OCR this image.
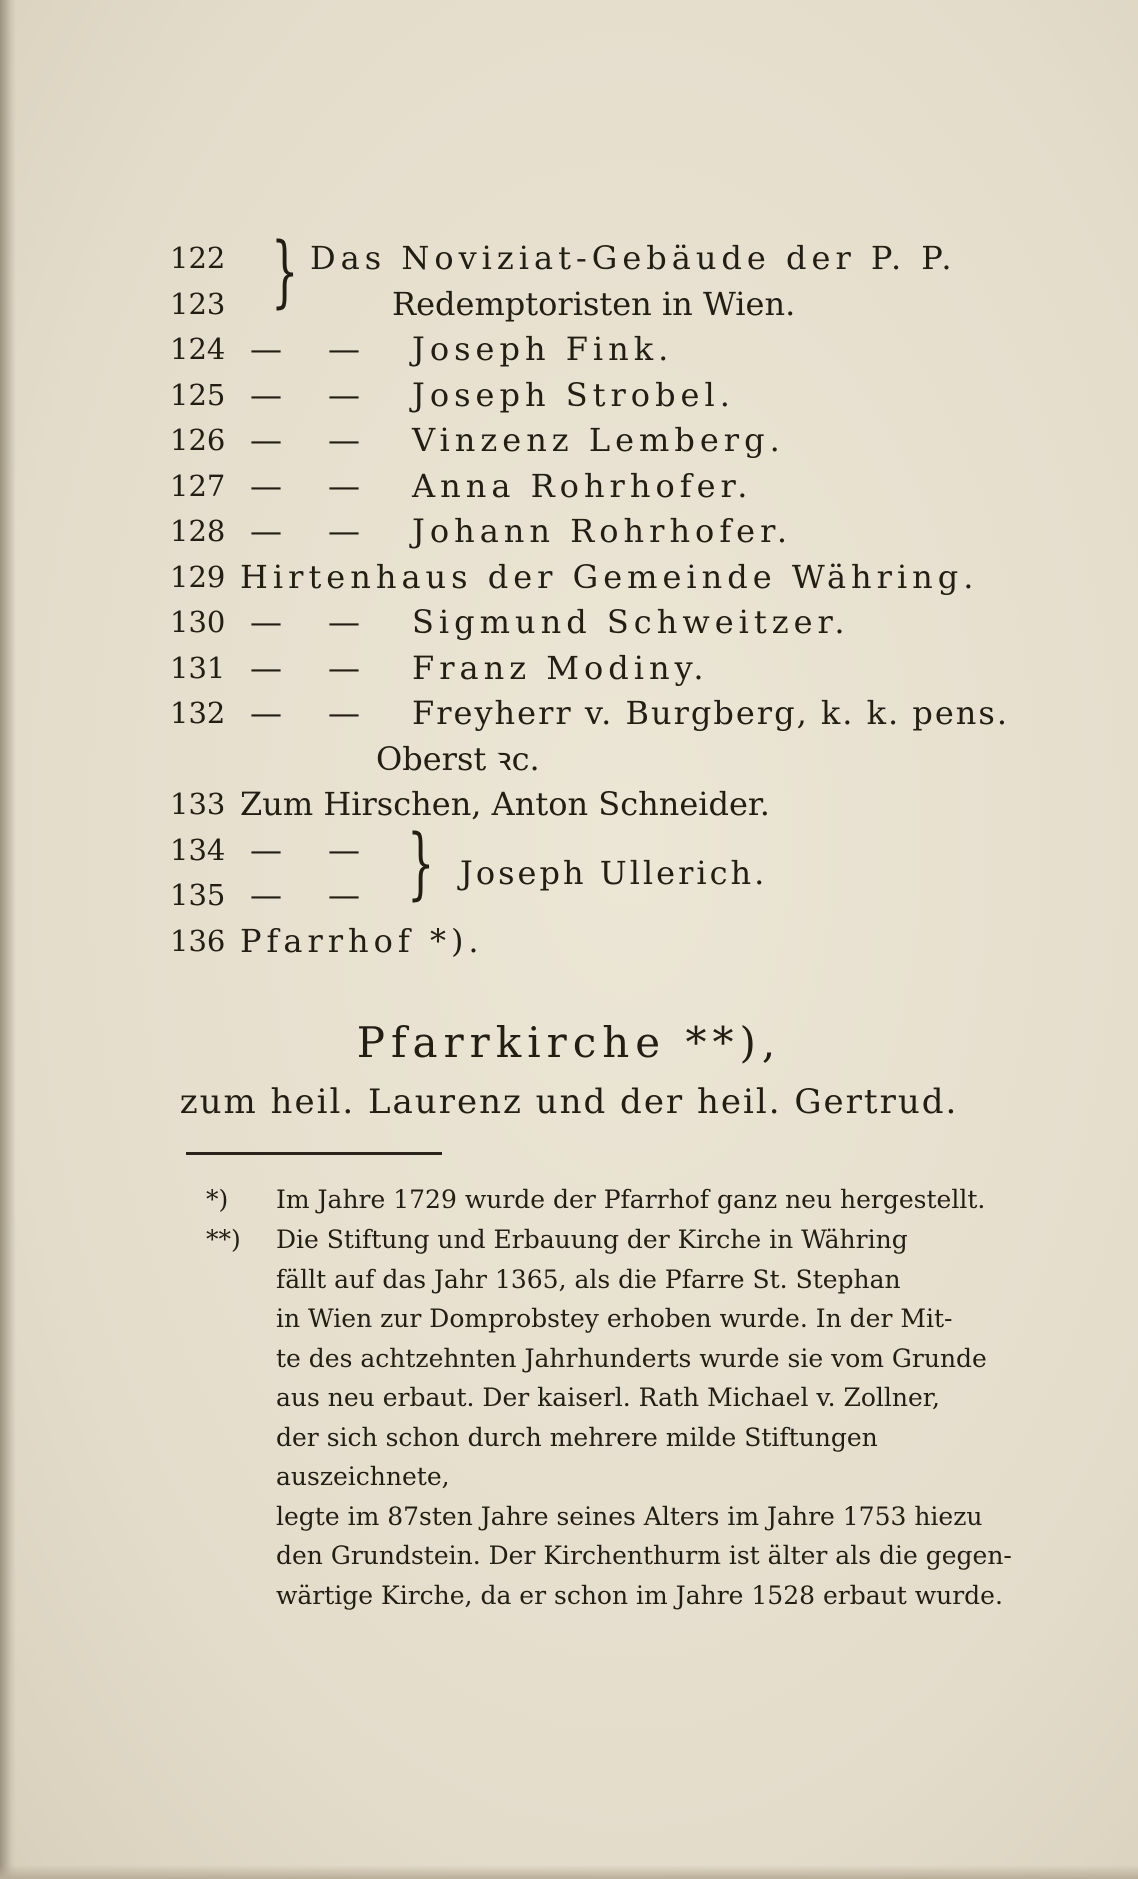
122 } Das Noviziat-Gebäude der P. P.
123	Redemptoristen in Wien.
124 — — Joseph Fink.
125 — — Joseph Strobel.
126 — — Vinzenz Lemberg.
127 — — Anna Rohrhofer.
128 — — Johann Rohrhofer.
129 Hirtenhaus der Gemeinde Währing.
130 — — Sigmund Schweitzer.
131 — — Franz Modiny.
132 — — Freyherr v. Burgberg, k. k. pens.
Oberst ꝛc.
133 Zum Hirschen, Anton Schneider.
134 — — }
135 — —
Joseph Ullerich.
136 Pfarrhof *).
Pfarrkirche **),
zum heil. Laurenz und der heil. Gertrud.
*) Im Jahre 1729 wurde der Pfarrhof ganz neu hergestellt.
**) Die Stiftung und Erbauung der Kirche in Währing
fällt auf das Jahr 1365, als die Pfarre St. Stephan
in Wien zur Domprobstey erhoben wurde. In der Mit-
te des achtzehnten Jahrhunderts wurde sie vom Grunde
aus neu erbaut. Der kaiserl. Rath Michael v. Zollner,
der sich schon durch mehrere milde Stiftungen auszeichnete,
legte im 87sten Jahre seines Alters im Jahre 1753 hiezu
den Grundstein. Der Kirchenthurm ist älter als die gegen-
wärtige Kirche, da er schon im Jahre 1528 erbaut wurde.
